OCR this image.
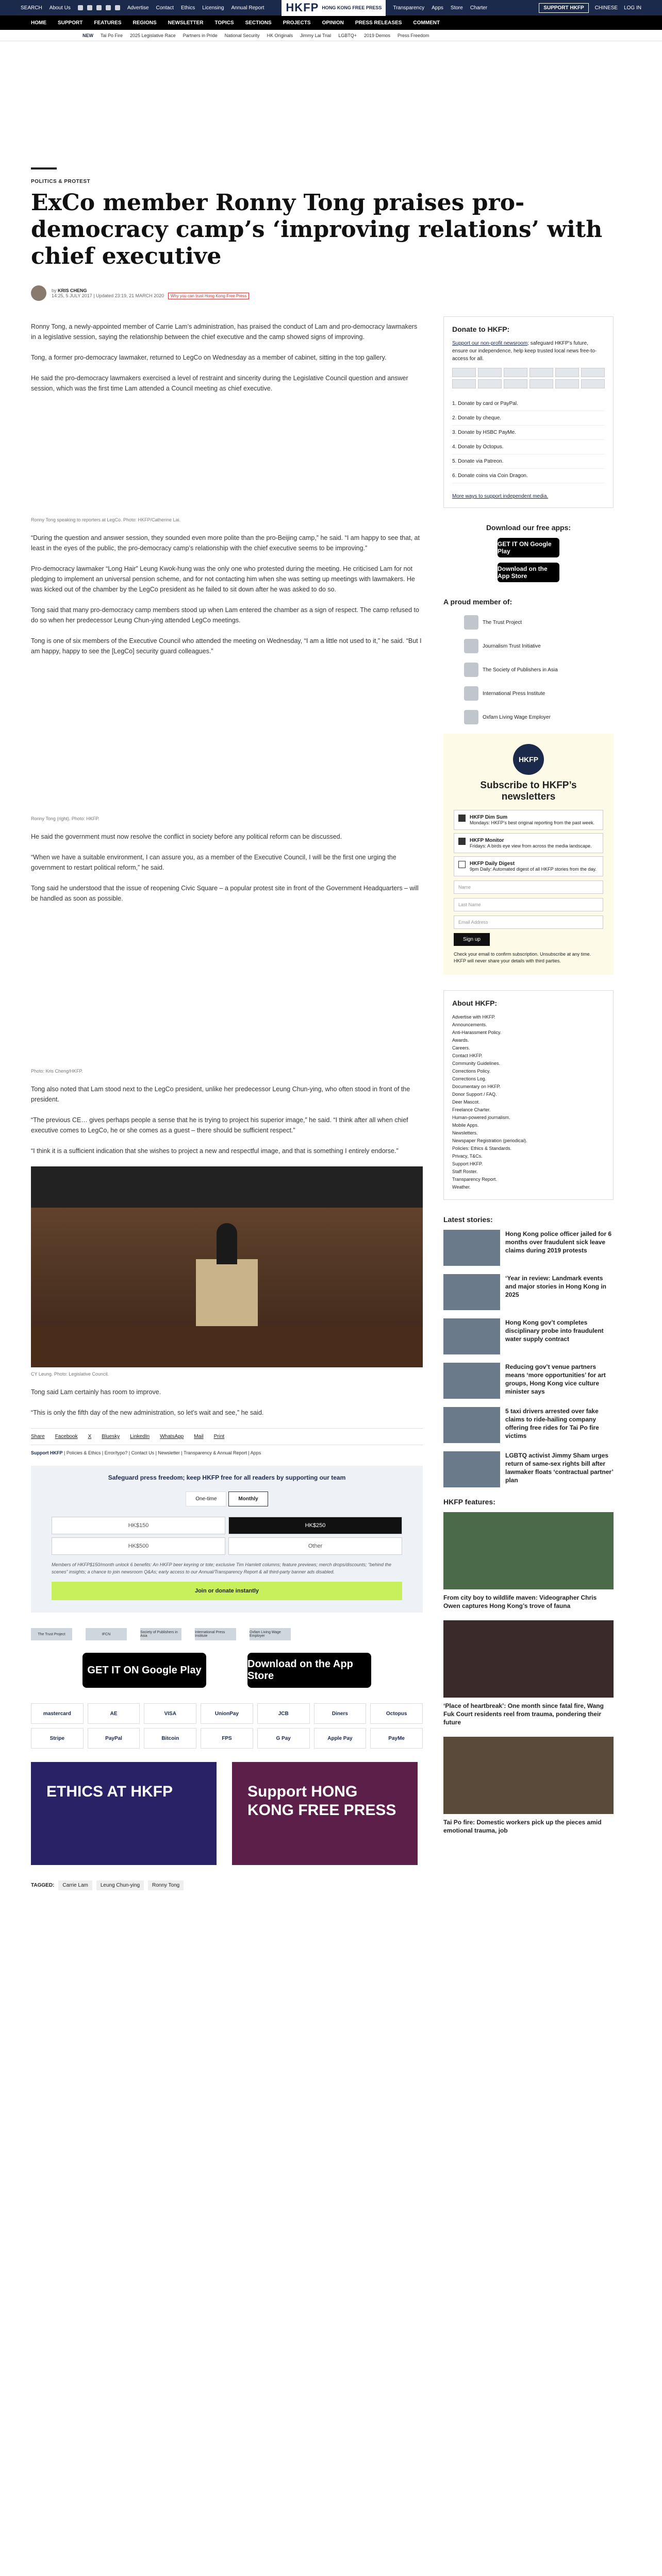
SEARCH About Us	Advertise Contact Ethics Licensing Annual Report HKFP HONG KONG FREE PRESS Transparency Apps Store Charter	SUPPORT HKFP	CHINESE LOG IN
HOME SUPPORT FEATURES REGIONS NEWSLETTER TOPICS SECTIONS PROJECTS OPINION PRESS RELEASES COMMENT
NEW Tai Po Fire 2025 Legislative Race Partners in Pride National Security HK Originals Jimmy Lai Trial LGBTQ+ 2019 Demos Press Freedom
POLITICS & PROTEST
ExCo member Ronny Tong praises pro-democracy camp’s ‘improving relations’ with chief executive
by KRIS CHENG
14:25, 5 JULY 2017 | Updated 23:19, 21 MARCH 2020 Why you can trust Hong Kong Free Press

Ronny Tong, a newly-appointed member of Carrie Lam’s administration, has praised the conduct of Lam and pro-democracy lawmakers in a legislative session, saying the relationship between the chief executive and the camp showed signs of improving.

Tong, a former pro-democracy lawmaker, returned to LegCo on Wednesday as a member of cabinet, sitting in the top gallery.

He said the pro-democracy lawmakers exercised a level of restraint and sincerity during the Legislative Council question and answer session, which was the first time Lam attended a Council meeting as chief executive.

Ronny Tong speaking to reporters at LegCo. Photo: HKFP/Catherine Lai.

“During the question and answer session, they sounded even more polite than the pro-Beijing camp,” he said. “I am happy to see that, at least in the eyes of the public, the pro-democracy camp’s relationship with the chief executive seems to be improving.”

Pro-democracy lawmaker “Long Hair” Leung Kwok-hung was the only one who protested during the meeting. He criticised Lam for not pledging to implement an universal pension scheme, and for not contacting him when she was setting up meetings with lawmakers. He was kicked out of the chamber by the LegCo president as he failed to sit down after he was asked to do so.

Tong said that many pro-democracy camp members stood up when Lam entered the chamber as a sign of respect. The camp refused to do so when her predecessor Leung Chun-ying attended LegCo meetings.

Tong is one of six members of the Executive Council who attended the meeting on Wednesday, “I am a little not used to it,” he said. “But I am happy, happy to see the [LegCo] security guard colleagues.”

Ronny Tong (right). Photo: HKFP.

He said the government must now resolve the conflict in society before any political reform can be discussed.

“When we have a suitable environment, I can assure you, as a member of the Executive Council, I will be the first one urging the government to restart political reform,” he said.

Tong said he understood that the issue of reopening Civic Square – a popular protest site in front of the Government Headquarters – will be handled as soon as possible.

Photo: Kris Cheng/HKFP.

Tong also noted that Lam stood next to the LegCo president, unlike her predecessor Leung Chun-ying, who often stood in front of the president.

“The previous CE… gives perhaps people a sense that he is trying to project his superior image,” he said. “I think after all when chief executive comes to LegCo, he or she comes as a guest – there should be sufficient respect.”

“I think it is a sufficient indication that she wishes to project a new and respectful image, and that is something I entirely endorse.”

CY Leung. Photo: Legislative Council.

Tong said Lam certainly has room to improve.

“This is only the fifth day of the new administration, so let’s wait and see,” he said.

Share Facebook X Bluesky LinkedIn WhatsApp Mail Print
Support HKFP | Policies & Ethics | Error/typo? | Contact Us | Newsletter | Transparency & Annual Report | Apps
Safeguard press freedom; keep HKFP free for all readers by supporting our team
One-time	Monthly
HK$150	HK$250
HK$500	Other
Members of HKFP$150/month unlock 6 benefits: An HKFP beer keyring or tote; exclusive Tim Hamlett columns; feature previews; merch drops/discounts; “behind the scenes” insights; a chance to join newsroom Q&As; early access to our Annual/Transparency Report & all third-party banner ads disabled.
Join or donate instantly
The Trust Project	IFCN	Society of Publishers in Asia
International Press Institute
Oxfam Living Wage Employer
GET IT ON Google Play
Download on the App Store
mastercard	AE	VISA	UnionPay	JCB	Diners	Octopus
Stripe	PayPal	Bitcoin	FPS	G Pay	Apple Pay	PayMe
ETHICS AT HKFP	Support HONG KONG FREE PRESS
TAGGED:	Carrie Lam	Leung Chun-ying	Ronny Tong
Donate to HKFP:
Support our non-profit newsroom; safeguard HKFP’s future, ensure our independence, help keep trusted local news free-to-access for all.
1. Donate by card or PayPal.
2. Donate by cheque.
3. Donate by HSBC PayMe.
4. Donate by Octopus.
5. Donate via Patreon.
6. Donate coins via Coin Dragon.
More ways to support independent media.
Download our free apps:
GET IT ON Google Play
Download on the App Store
A proud member of:
The Trust Project
Journalism Trust Initiative
The Society of Publishers in Asia
International Press Institute
Oxfam Living Wage Employer
HKFP
Subscribe to HKFP’s newsletters
HKFP Dim Sum
Mondays: HKFP’s best original reporting from the past week.
HKFP Monitor
Fridays: A birds eye view from across the media landscape.
HKFP Daily Digest
9pm Daily: Automated digest of all HKFP stories from the day.
Name
Last Name
Email Address
Sign up
Check your email to confirm subscription. Unsubscribe at any time. HKFP will never share your details with third parties.
About HKFP:
Advertise with HKFP.
Announcements.
Anti-Harassment Policy.
Awards.
Careers.
Contact HKFP.
Community Guidelines.
Corrections Policy.
Corrections Log.
Documentary on HKFP.
Donor Support / FAQ.
Deer Mascot.
Freelance Charter.
Human-powered journalism.
Mobile Apps.
Newsletters.
Newspaper Registration (periodical).
Policies: Ethics & Standards.
Privacy, T&Cs.
Support HKFP.
Staff Roster.
Transparency Report.
Weather.
Latest stories:
Hong Kong police officer jailed for 6 months over fraudulent sick leave claims during 2019 protests
‘Year in review: Landmark events and major stories in Hong Kong in 2025
Hong Kong gov’t completes disciplinary probe into fraudulent water supply contract
Reducing gov’t venue partners means ‘more opportunities’ for art groups, Hong Kong vice culture minister says
5 taxi drivers arrested over fake claims to ride-hailing company offering free rides for Tai Po fire victims
LGBTQ activist Jimmy Sham urges return of same-sex rights bill after lawmaker floats ‘contractual partner’ plan
HKFP features:
From city boy to wildlife maven: Videographer Chris Owen captures Hong Kong’s trove of fauna
‘Place of heartbreak’: One month since fatal fire, Wang Fuk Court residents reel from trauma, pondering their future
Tai Po fire: Domestic workers pick up the pieces amid emotional trauma, job
